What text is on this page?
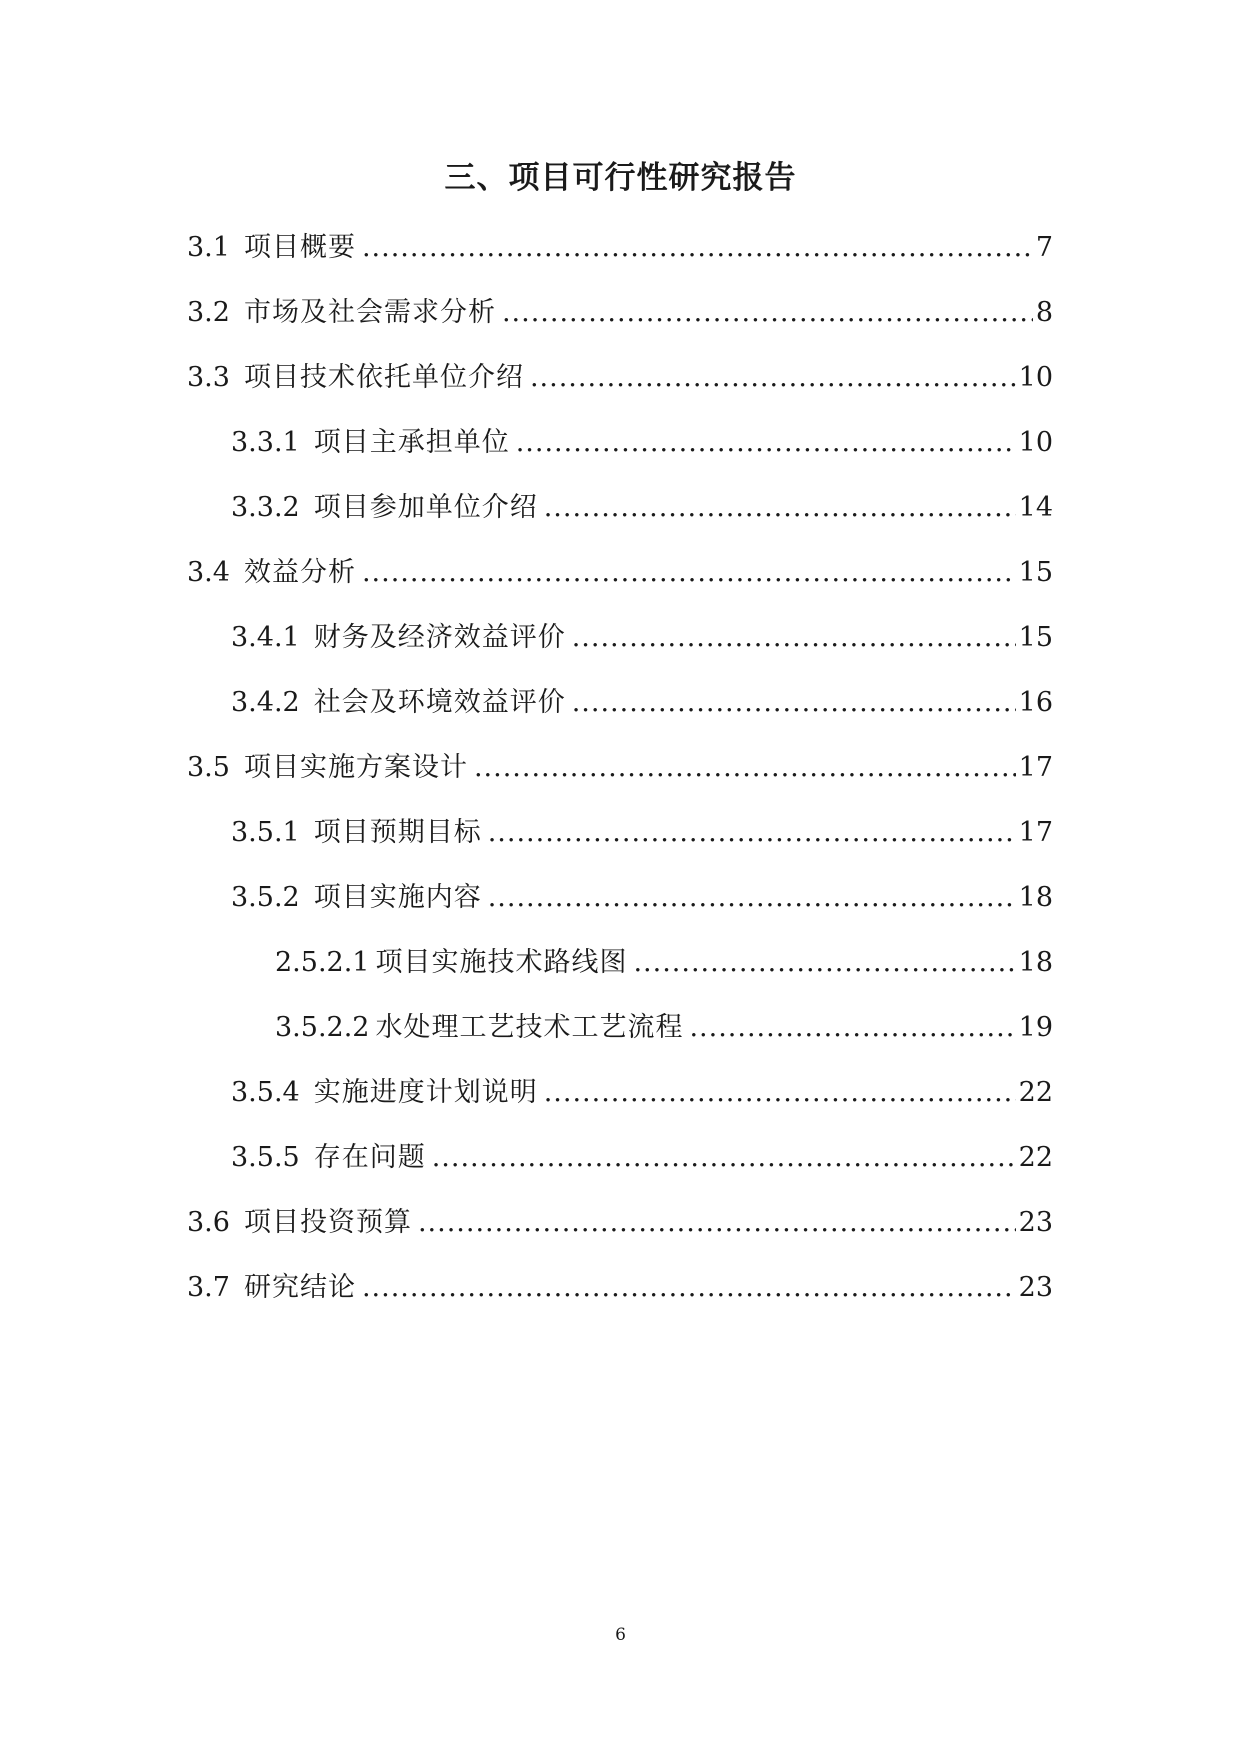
三、项目可行性研究报告
3.1 项目概要 .....	7
3.2 市场及社会需求分析 .....	8
3.3 项目技术依托单位介绍 .....	10
3.3.1 项目主承担单位 .....	10
3.3.2 项目参加单位介绍 .....	14
3.4 效益分析 .....	15
3.4.1 财务及经济效益评价 .....	15
3.4.2 社会及环境效益评价 .....	16
3.5 项目实施方案设计 .....	17
3.5.1 项目预期目标 .....	17
3.5.2 项目实施内容 .....	18
2.5.2.1 项目实施技术路线图 .....	18
3.5.2.2 水处理工艺技术工艺流程 .....	19
3.5.4 实施进度计划说明 .....	22
3.5.5 存在问题 .....	22
3.6 项目投资预算 .....	23
3.7 研究结论 .....	23
6
